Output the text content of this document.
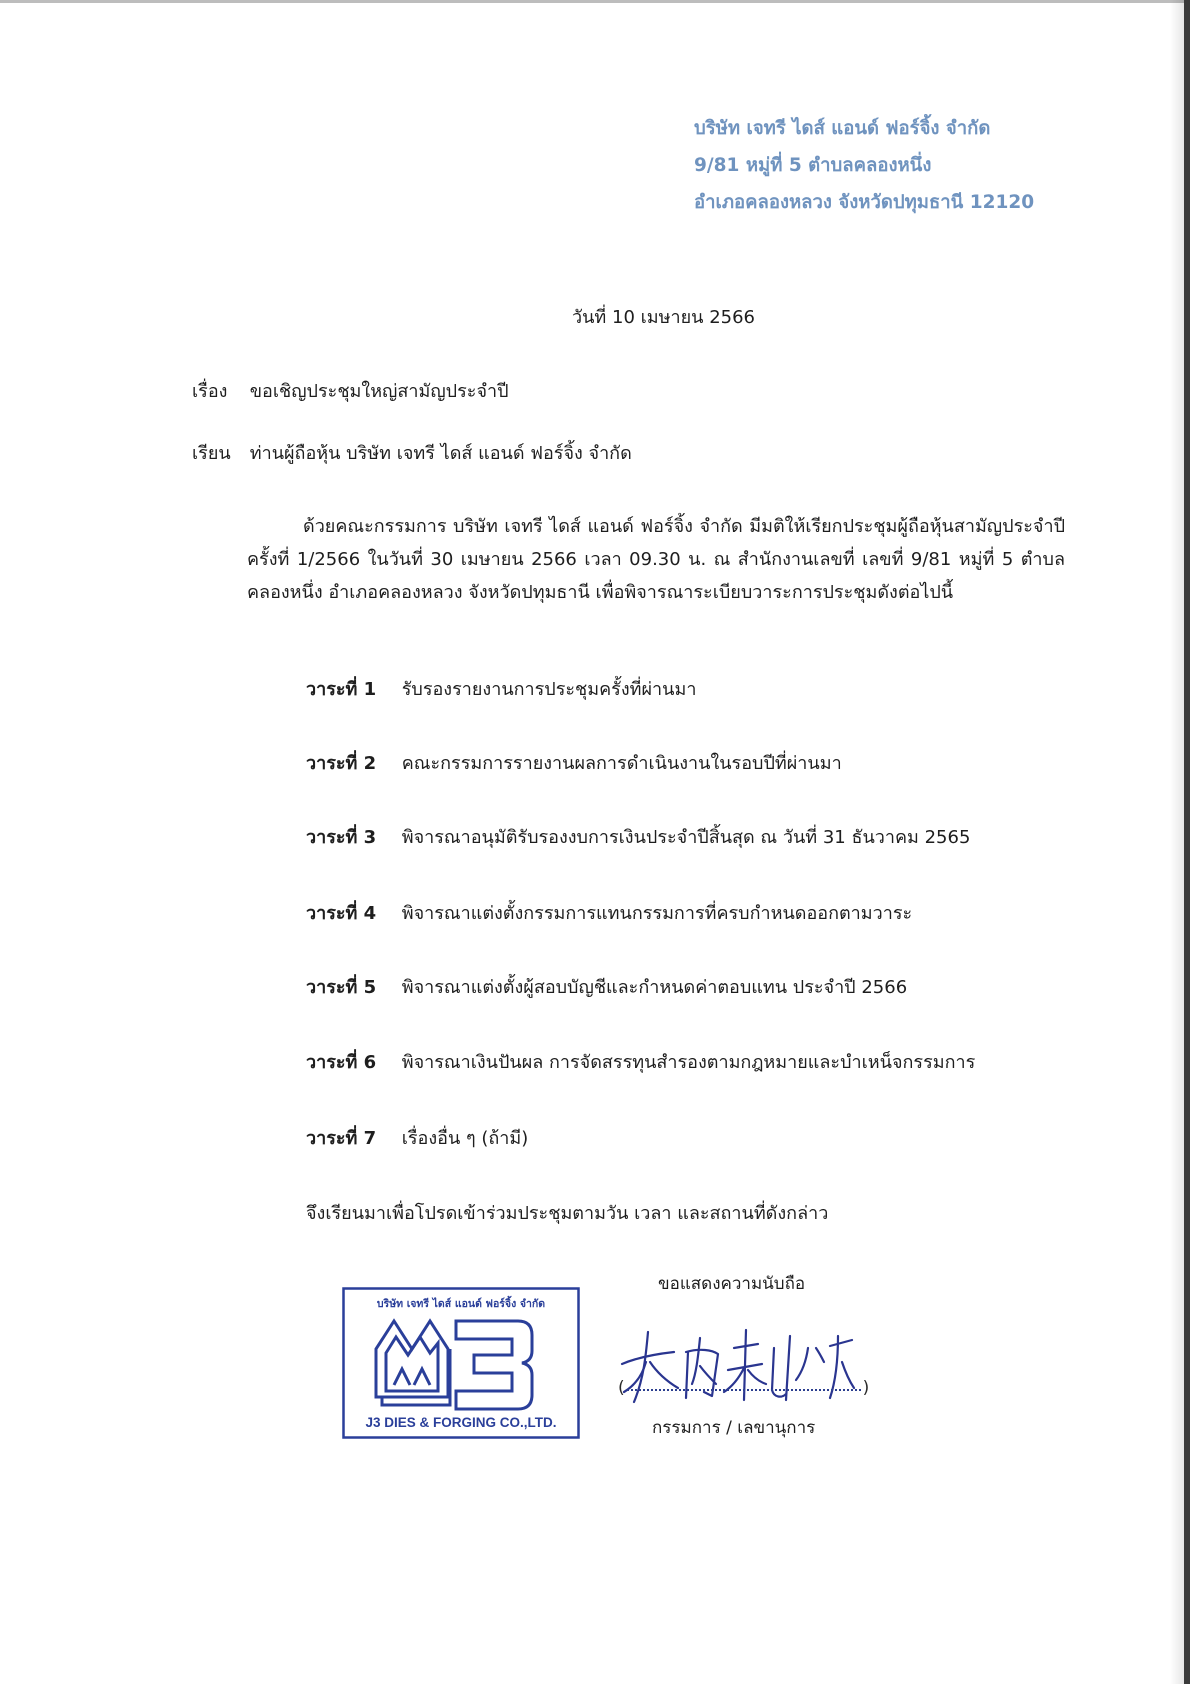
บริษัท เจทรี ไดส์ แอนด์ ฟอร์จิ้ง จำกัด
9/81 หมู่ที่ 5 ตำบลคลองหนึ่ง
อำเภอคลองหลวง จังหวัดปทุมธานี 12120
วันที่ 10 เมษายน 2566
เรื่อง ขอเชิญประชุมใหญ่สามัญประจำปี
เรียน ท่านผู้ถือหุ้น บริษัท เจทรี ไดส์ แอนด์ ฟอร์จิ้ง จำกัด
ด้วยคณะกรรมการ บริษัท เจทรี ไดส์ แอนด์ ฟอร์จิ้ง จำกัด มีมติให้เรียกประชุมผู้ถือหุ้นสามัญประจำปี ครั้งที่ 1/2566 ในวันที่ 30 เมษายน 2566 เวลา 09.30 น. ณ สำนักงานเลขที่ เลขที่ 9/81 หมู่ที่ 5 ตำบลคลองหนึ่ง อำเภอคลองหลวง จังหวัดปทุมธานี เพื่อพิจารณาระเบียบวาระการประชุมดังต่อไปนี้
วาระที่ 1 รับรองรายงานการประชุมครั้งที่ผ่านมา
วาระที่ 2 คณะกรรมการรายงานผลการดำเนินงานในรอบปีที่ผ่านมา
วาระที่ 3 พิจารณาอนุมัติรับรองงบการเงินประจำปีสิ้นสุด ณ วันที่ 31 ธันวาคม 2565
วาระที่ 4 พิจารณาแต่งตั้งกรรมการแทนกรรมการที่ครบกำหนดออกตามวาระ
วาระที่ 5 พิจารณาแต่งตั้งผู้สอบบัญชีและกำหนดค่าตอบแทน ประจำปี 2566
วาระที่ 6 พิจารณาเงินปันผล การจัดสรรทุนสำรองตามกฎหมายและบำเหน็จกรรมการ
วาระที่ 7 เรื่องอื่น ๆ (ถ้ามี)
จึงเรียนมาเพื่อโปรดเข้าร่วมประชุมตามวัน เวลา และสถานที่ดังกล่าว
ขอแสดงความนับถือ
บริษัท เจทรี ไดส์ แอนด์ ฟอร์จิ้ง จำกัด
J3 DIES & FORGING CO.,LTD.
(	)
กรรมการ / เลขานุการ
